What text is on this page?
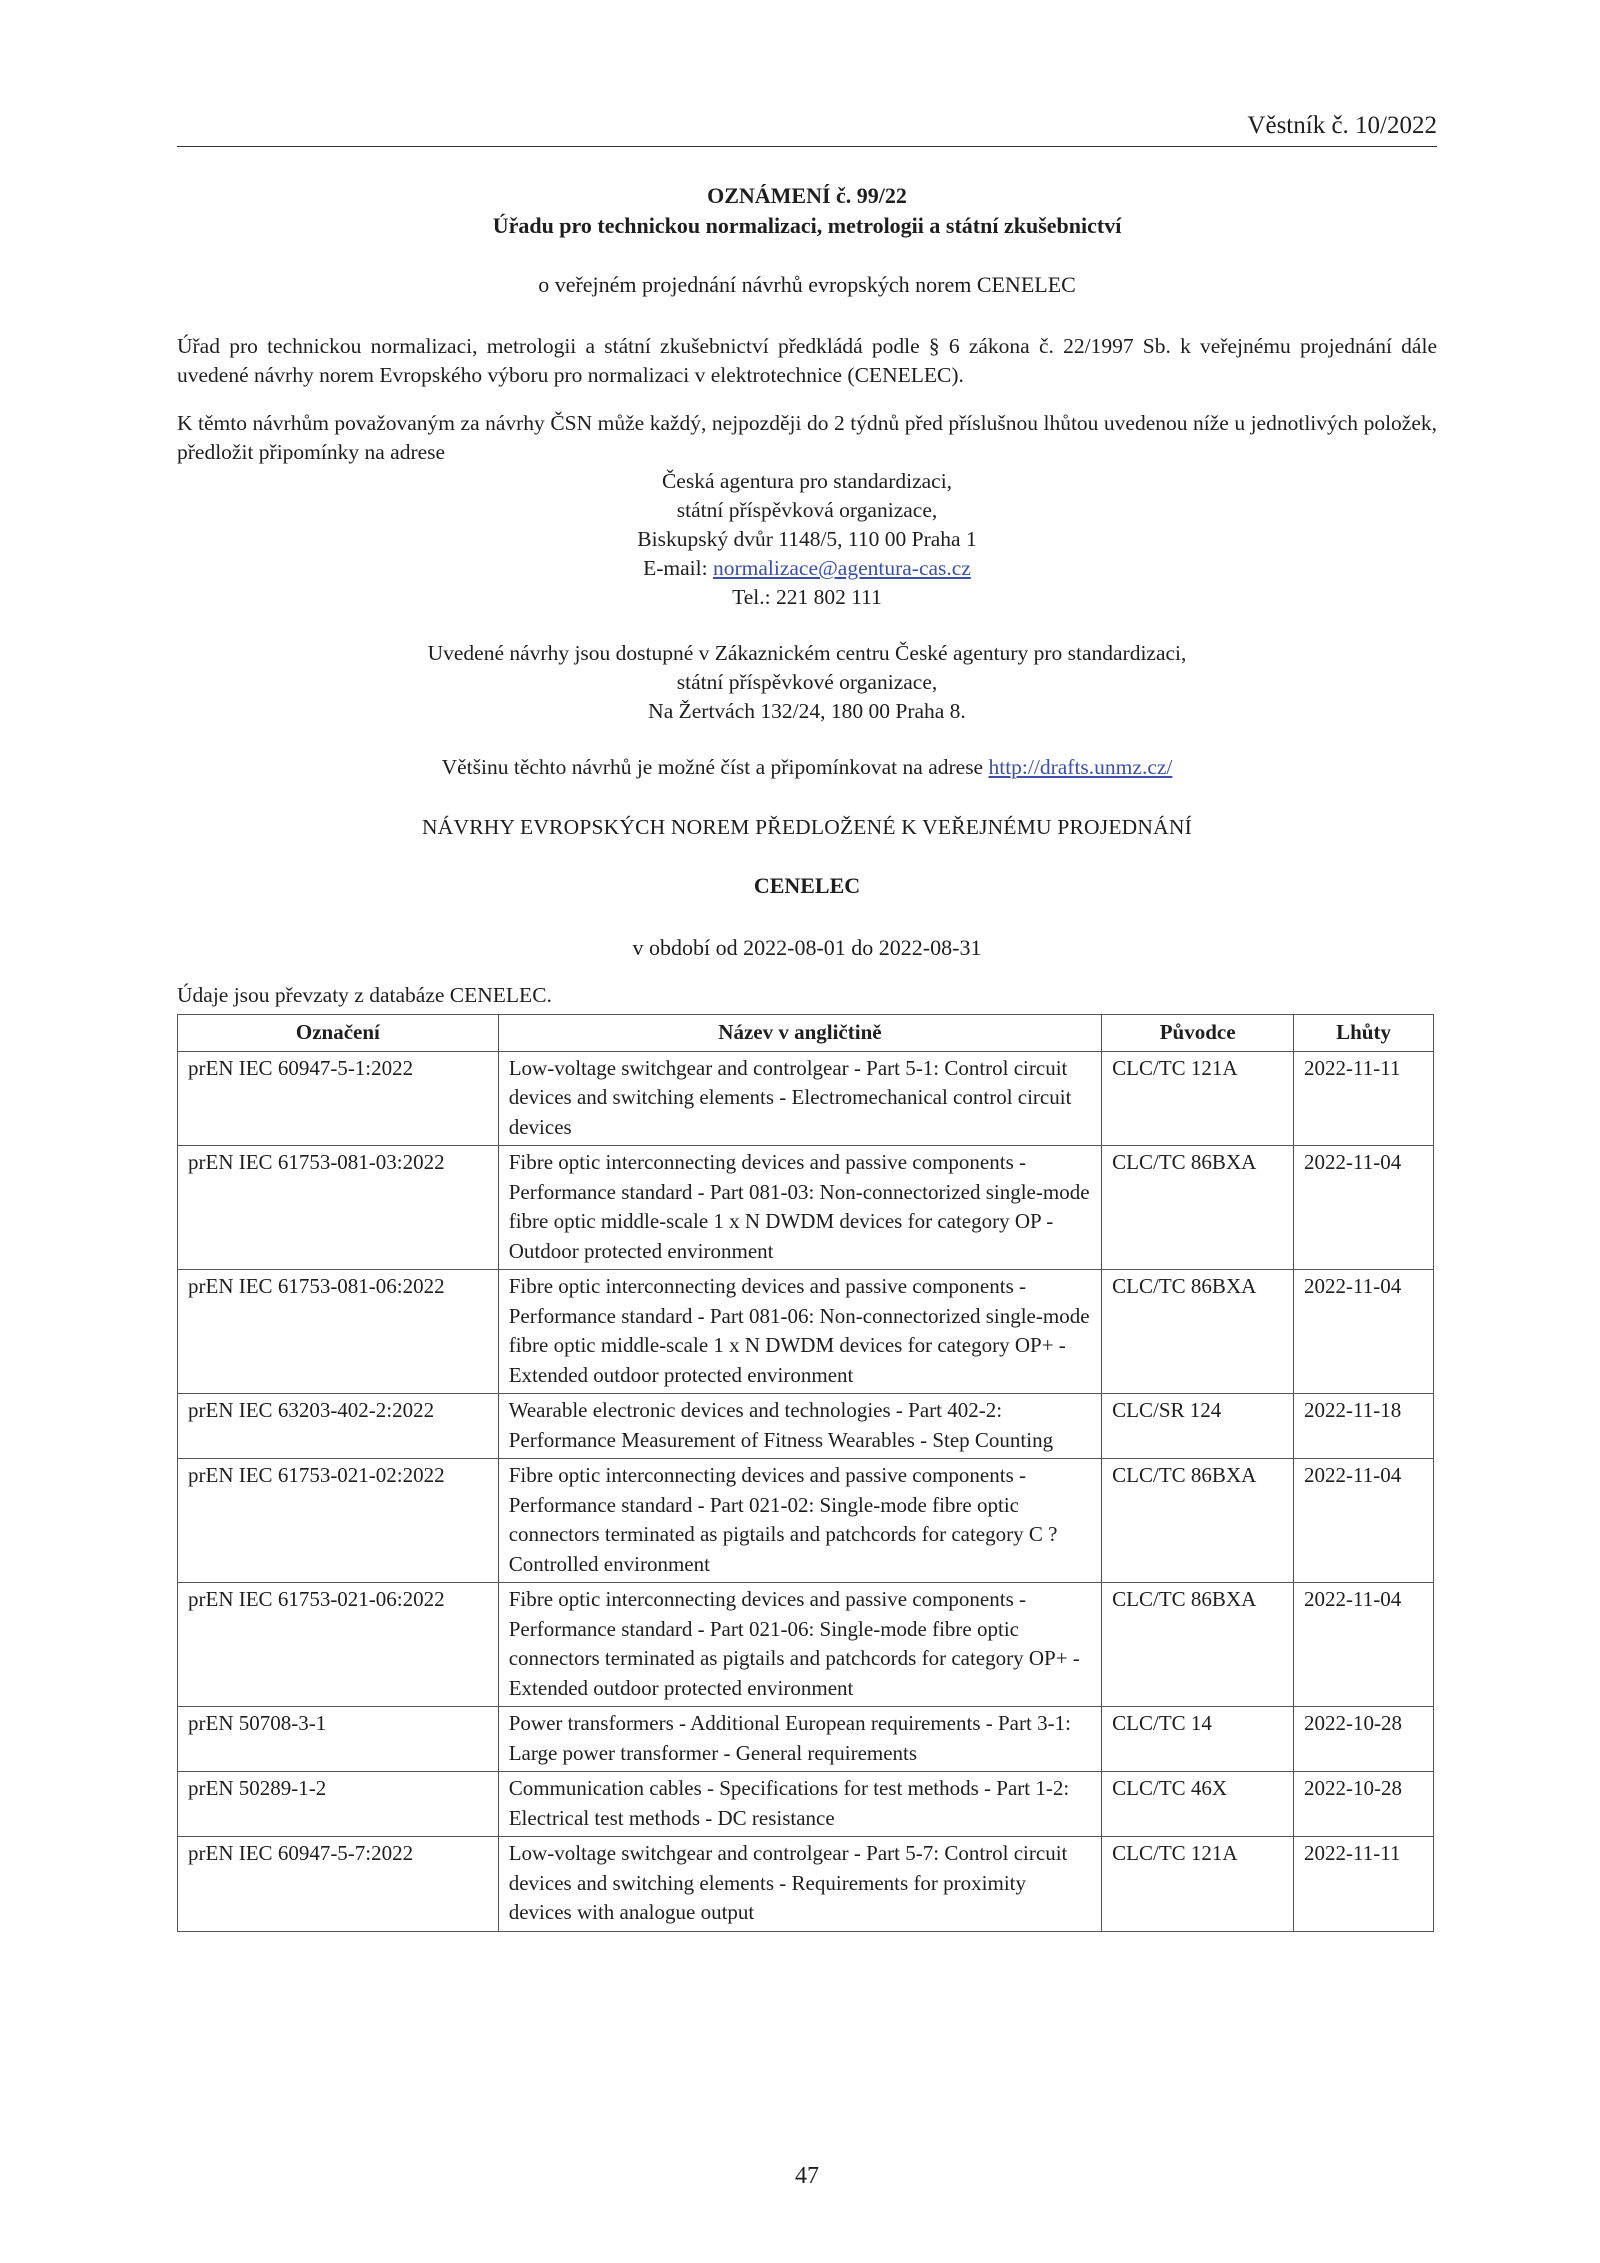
Věstník č. 10/2022
OZNÁMENÍ č. 99/22
Úřadu pro technickou normalizaci, metrologii a státní zkušebnictví
o veřejném projednání návrhů evropských norem CENELEC
Úřad pro technickou normalizaci, metrologii a státní zkušebnictví předkládá podle § 6 zákona č. 22/1997 Sb. k veřejnému projednání dále uvedené návrhy norem Evropského výboru pro normalizaci v elektrotechnice (CENELEC).
K těmto návrhům považovaným za návrhy ČSN může každý, nejpozději do 2 týdnů před příslušnou lhůtou uvedenou níže u jednotlivých položek, předložit připomínky na adrese
Česká agentura pro standardizaci,
státní příspěvková organizace,
Biskupský dvůr 1148/5, 110 00 Praha 1
E-mail: normalizace@agentura-cas.cz
Tel.: 221 802 111
Uvedené návrhy jsou dostupné v Zákaznickém centru České agentury pro standardizaci,
státní příspěvkové organizace,
Na Žertvách 132/24, 180 00 Praha 8.
Většinu těchto návrhů je možné číst a připomínkovat na adrese http://drafts.unmz.cz/
NÁVRHY EVROPSKÝCH NOREM PŘEDLOŽENÉ K VEŘEJNÉMU PROJEDNÁNÍ
CENELEC
v období od 2022-08-01 do 2022-08-31
Údaje jsou převzaty z databáze CENELEC.
Označení	Název v angličtině	Původce	Lhůty
prEN IEC 60947-5-1:2022	Low-voltage switchgear and controlgear - Part 5-1: Control circuit devices and switching elements - Electromechanical control circuit devices	CLC/TC 121A	2022-11-11
prEN IEC 61753-081-03:2022	Fibre optic interconnecting devices and passive components - Performance standard - Part 081-03: Non-connectorized single-mode fibre optic middle-scale 1 x N DWDM devices for category OP - Outdoor protected environment	CLC/TC 86BXA	2022-11-04
prEN IEC 61753-081-06:2022	Fibre optic interconnecting devices and passive components - Performance standard - Part 081-06: Non-connectorized single-mode fibre optic middle-scale 1 x N DWDM devices for category OP+ - Extended outdoor protected environment	CLC/TC 86BXA	2022-11-04
prEN IEC 63203-402-2:2022	Wearable electronic devices and technologies - Part 402-2: Performance Measurement of Fitness Wearables - Step Counting	CLC/SR 124	2022-11-18
prEN IEC 61753-021-02:2022	Fibre optic interconnecting devices and passive components - Performance standard - Part 021-02: Single-mode fibre optic connectors terminated as pigtails and patchcords for category C ? Controlled environment	CLC/TC 86BXA	2022-11-04
prEN IEC 61753-021-06:2022	Fibre optic interconnecting devices and passive components - Performance standard - Part 021-06: Single-mode fibre optic connectors terminated as pigtails and patchcords for category OP+ - Extended outdoor protected environment	CLC/TC 86BXA	2022-11-04
prEN 50708-3-1	Power transformers - Additional European requirements - Part 3-1: Large power transformer - General requirements	CLC/TC 14	2022-10-28
prEN 50289-1-2	Communication cables - Specifications for test methods - Part 1-2: Electrical test methods - DC resistance	CLC/TC 46X	2022-10-28
prEN IEC 60947-5-7:2022	Low-voltage switchgear and controlgear - Part 5-7: Control circuit devices and switching elements - Requirements for proximity devices with analogue output	CLC/TC 121A	2022-11-11
47
